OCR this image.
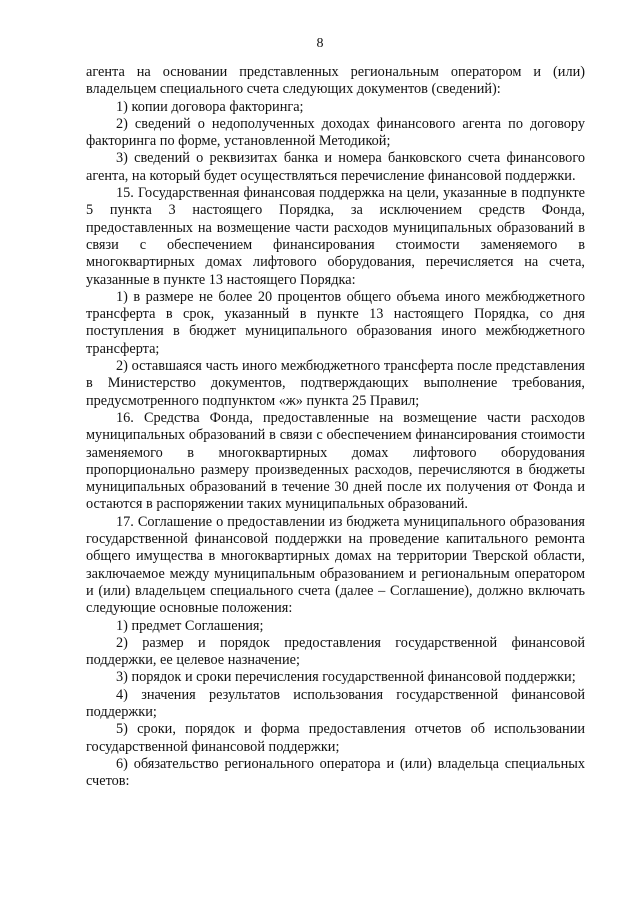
8

агента на основании представленных региональным оператором и (или) владельцем специального счета следующих документов (сведений):

1) копии договора факторинга;

2) сведений о недополученных доходах финансового агента по договору факторинга по форме, установленной Методикой;

3) сведений о реквизитах банка и номера банковского счета финансового агента, на который будет осуществляться перечисление финансовой поддержки.

15. Государственная финансовая поддержка на цели, указанные в подпункте 5 пункта 3 настоящего Порядка, за исключением средств Фонда, предоставленных на возмещение части расходов муниципальных образований в связи с обеспечением финансирования стоимости заменяемого в многоквартирных домах лифтового оборудования, перечисляется на счета, указанные в пункте 13 настоящего Порядка:

1) в размере не более 20 процентов общего объема иного межбюджетного трансферта в срок, указанный в пункте 13 настоящего Порядка, со дня поступления в бюджет муниципального образования иного межбюджетного трансферта;

2) оставшаяся часть иного межбюджетного трансферта после представления в Министерство документов, подтверждающих выполнение требования, предусмотренного подпунктом «ж» пункта 25 Правил;

16. Средства Фонда, предоставленные на возмещение части расходов муниципальных образований в связи с обеспечением финансирования стоимости заменяемого в многоквартирных домах лифтового оборудования пропорционально размеру произведенных расходов, перечисляются в бюджеты муниципальных образований в течение 30 дней после их получения от Фонда и остаются в распоряжении таких муниципальных образований.

17. Соглашение о предоставлении из бюджета муниципального образования государственной финансовой поддержки на проведение капитального ремонта общего имущества в многоквартирных домах на территории Тверской области, заключаемое между муниципальным образованием и региональным оператором и (или) владельцем специального счета (далее – Соглашение), должно включать следующие основные положения:

1) предмет Соглашения;

2) размер и порядок предоставления государственной финансовой поддержки, ее целевое назначение;

3) порядок и сроки перечисления государственной финансовой поддержки;

4) значения результатов использования государственной финансовой поддержки;

5) сроки, порядок и форма предоставления отчетов об использовании государственной финансовой поддержки;

6) обязательство регионального оператора и (или) владельца специальных счетов:
